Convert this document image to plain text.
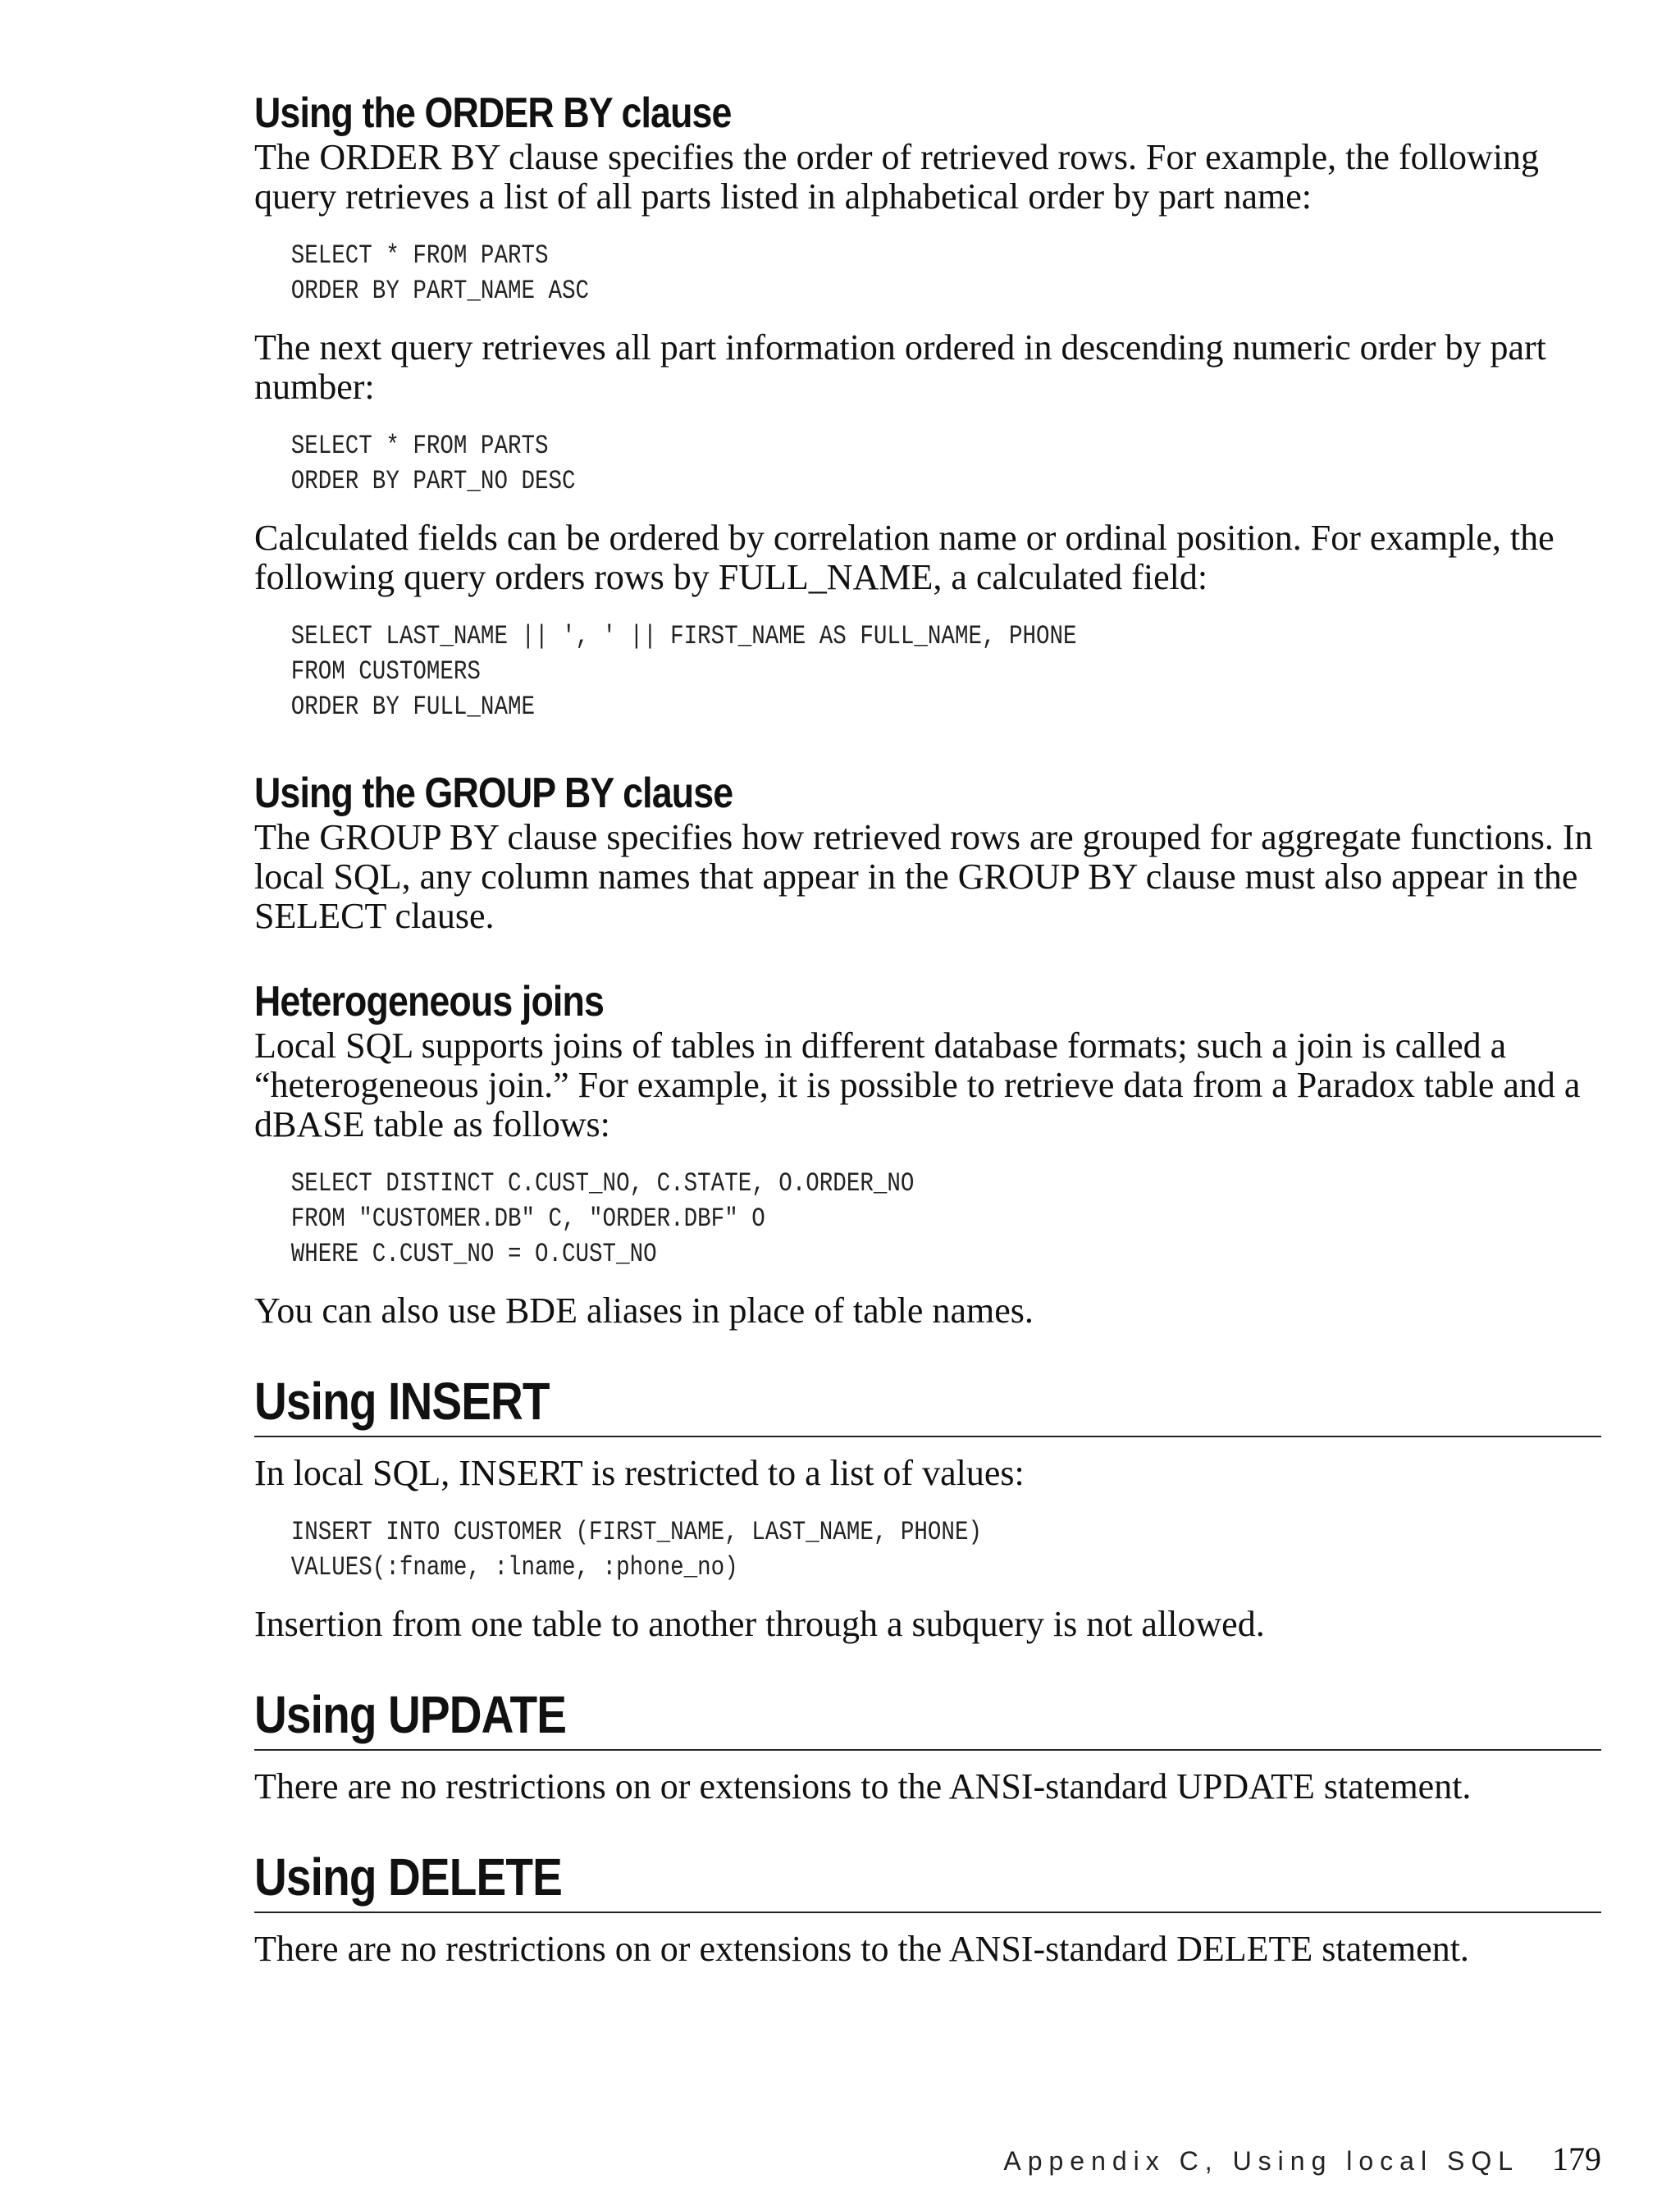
Using the ORDER BY clause

The ORDER BY clause specifies the order of retrieved rows. For example, the following query retrieves a list of all parts listed in alphabetical order by part name:

SELECT * FROM PARTS
ORDER BY PART_NAME ASC

The next query retrieves all part information ordered in descending numeric order by part number:

SELECT * FROM PARTS
ORDER BY PART_NO DESC

Calculated fields can be ordered by correlation name or ordinal position. For example, the following query orders rows by FULL_NAME, a calculated field:

SELECT LAST_NAME || ', ' || FIRST_NAME AS FULL_NAME, PHONE
FROM CUSTOMERS
ORDER BY FULL_NAME
Using the GROUP BY clause

The GROUP BY clause specifies how retrieved rows are grouped for aggregate functions. In local SQL, any column names that appear in the GROUP BY clause must also appear in the SELECT clause.

Heterogeneous joins

Local SQL supports joins of tables in different database formats; such a join is called a “heterogeneous join.” For example, it is possible to retrieve data from a Paradox table and a dBASE table as follows:

SELECT DISTINCT C.CUST_NO, C.STATE, O.ORDER_NO
FROM "CUSTOMER.DB" C, "ORDER.DBF" O
WHERE C.CUST_NO = O.CUST_NO

You can also use BDE aliases in place of table names.

Using INSERT

In local SQL, INSERT is restricted to a list of values:

INSERT INTO CUSTOMER (FIRST_NAME, LAST_NAME, PHONE)
VALUES(:fname, :lname, :phone_no)

Insertion from one table to another through a subquery is not allowed.

Using UPDATE

There are no restrictions on or extensions to the ANSI-standard UPDATE statement.

Using DELETE

There are no restrictions on or extensions to the ANSI-standard DELETE statement.

Appendix C, Using local SQL 179
